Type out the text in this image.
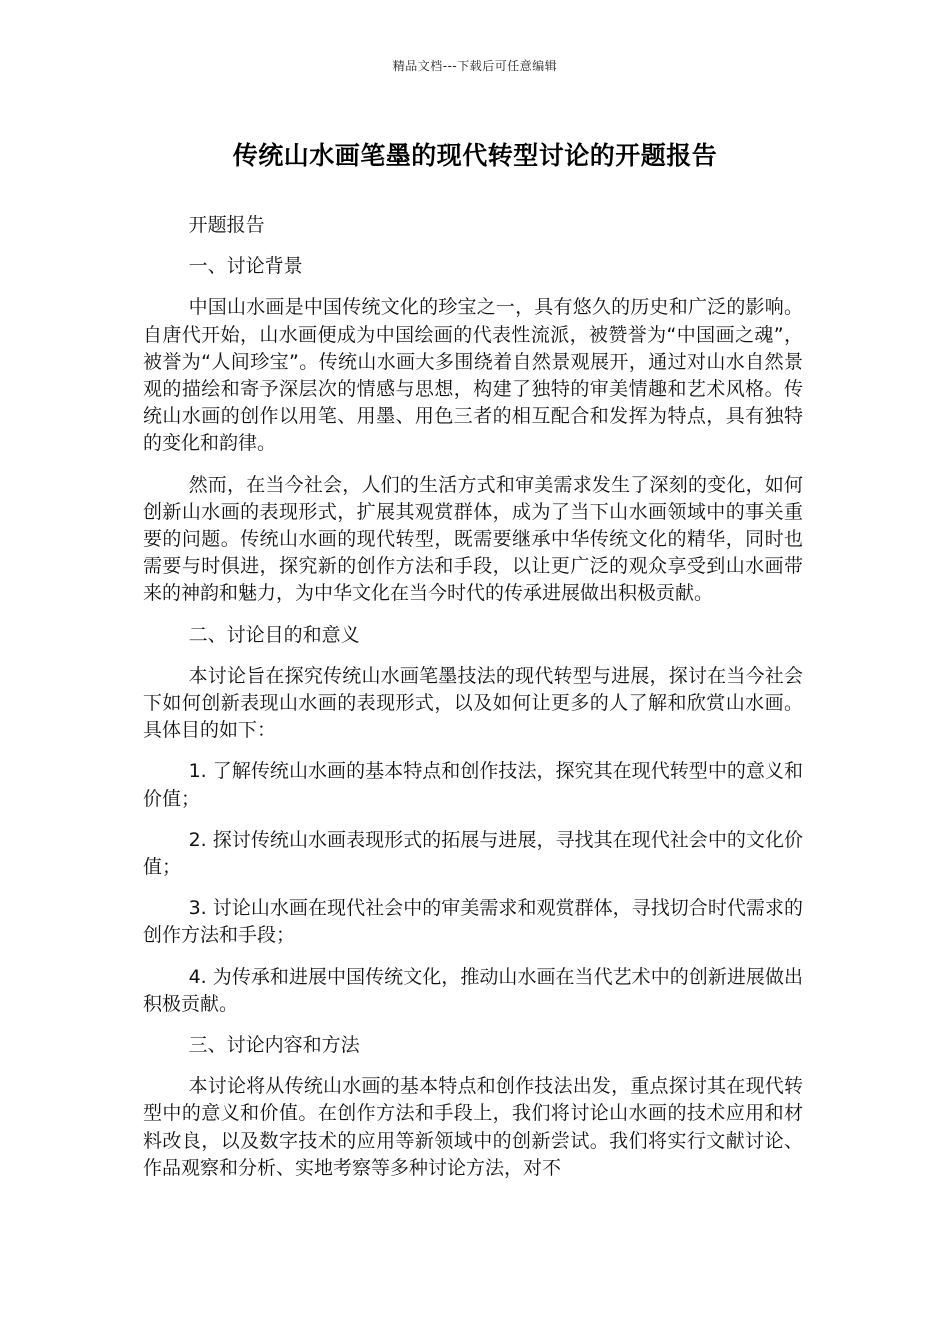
精品文档---下载后可任意编辑
传统山水画笔墨的现代转型讨论的开题报告

开题报告

一、讨论背景

中国山水画是中国传统文化的珍宝之一，具有悠久的历史和广泛的影响。自唐代开始，山水画便成为中国绘画的代表性流派，被赞誉为“中国画之魂”，被誉为“人间珍宝”。传统山水画大多围绕着自然景观展开，通过对山水自然景观的描绘和寄予深层次的情感与思想，构建了独特的审美情趣和艺术风格。传统山水画的创作以用笔、用墨、用色三者的相互配合和发挥为特点，具有独特的变化和韵律。

然而，在当今社会，人们的生活方式和审美需求发生了深刻的变化，如何创新山水画的表现形式，扩展其观赏群体，成为了当下山水画领域中的事关重要的问题。传统山水画的现代转型，既需要继承中华传统文化的精华，同时也需要与时俱进，探究新的创作方法和手段，以让更广泛的观众享受到山水画带来的神韵和魅力，为中华文化在当今时代的传承进展做出积极贡献。

二、讨论目的和意义

本讨论旨在探究传统山水画笔墨技法的现代转型与进展，探讨在当今社会下如何创新表现山水画的表现形式，以及如何让更多的人了解和欣赏山水画。具体目的如下：

1. 了解传统山水画的基本特点和创作技法，探究其在现代转型中的意义和价值；

2. 探讨传统山水画表现形式的拓展与进展，寻找其在现代社会中的文化价值；

3. 讨论山水画在现代社会中的审美需求和观赏群体，寻找切合时代需求的创作方法和手段；

4. 为传承和进展中国传统文化，推动山水画在当代艺术中的创新进展做出积极贡献。

三、讨论内容和方法

本讨论将从传统山水画的基本特点和创作技法出发，重点探讨其在现代转型中的意义和价值。在创作方法和手段上，我们将讨论山水画的技术应用和材料改良，以及数字技术的应用等新领域中的创新尝试。我们将实行文献讨论、作品观察和分析、实地考察等多种讨论方法，对不
